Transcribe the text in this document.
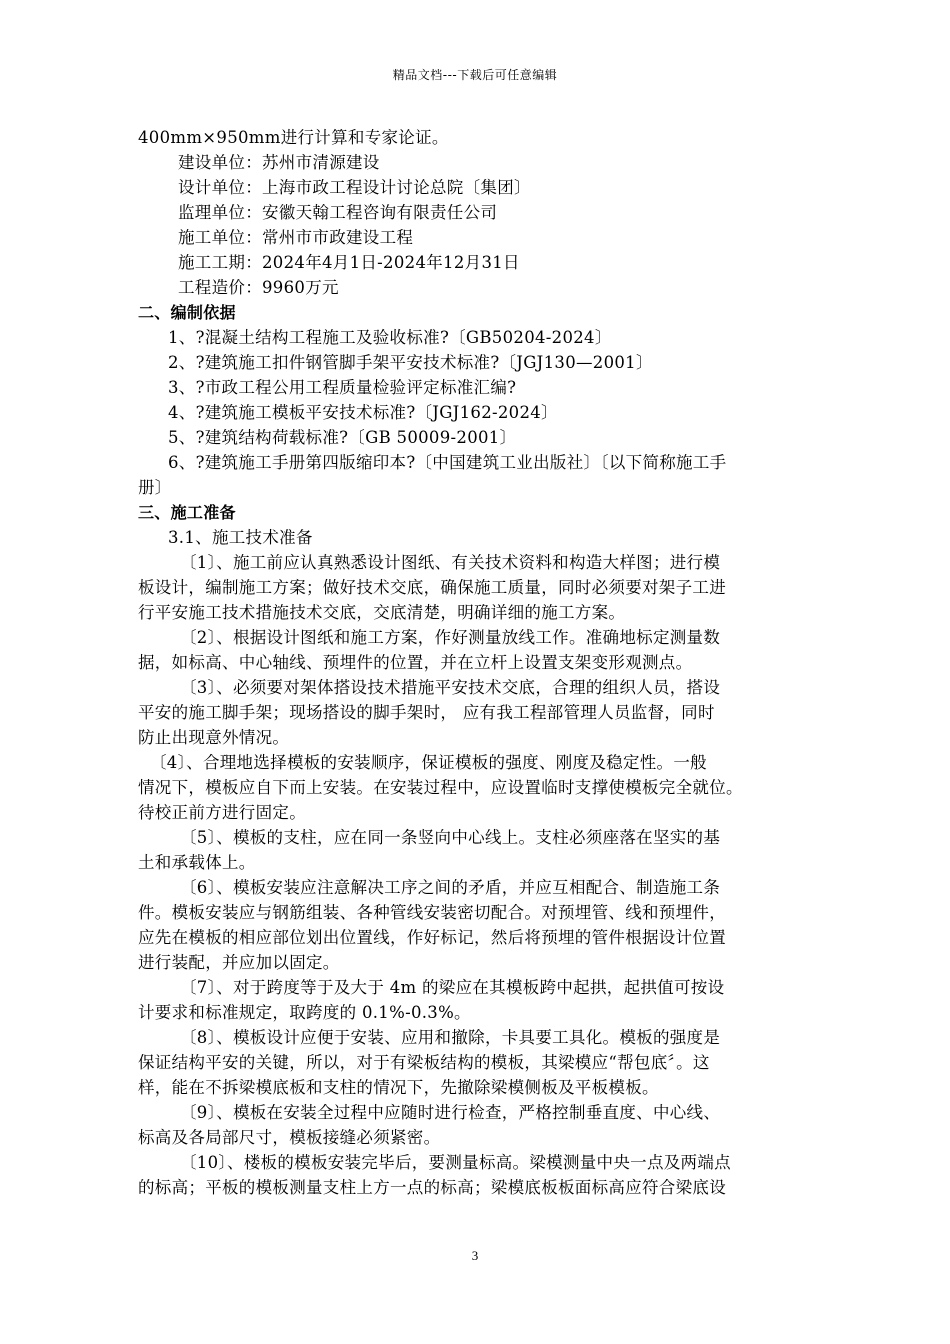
精品文档---下载后可任意编辑
400mm×950mm进行计算和专家论证。
建设单位：苏州市清源建设
设计单位：上海市政工程设计讨论总院〔集团〕
监理单位：安徽天翰工程咨询有限责任公司
施工单位：常州市市政建设工程
施工工期：2024年4月1日-2024年12月31日
工程造价：9960万元
二、编制依据
1、?混凝土结构工程施工及验收标准?〔GB50204-2024〕
2、?建筑施工扣件钢管脚手架平安技术标准?〔JGJ130—2001〕
3、?市政工程公用工程质量检验评定标准汇编?
4、?建筑施工模板平安技术标准?〔JGJ162-2024〕
5、?建筑结构荷载标准?〔GB 50009-2001〕
6、?建筑施工手册第四版缩印本?〔中国建筑工业出版社〕〔以下简称施工手
册〕
三、施工准备
3.1、施工技术准备
〔1〕、施工前应认真熟悉设计图纸、有关技术资料和构造大样图；进行模
板设计，编制施工方案；做好技术交底，确保施工质量，同时必须要对架子工进
行平安施工技术措施技术交底，交底清楚，明确详细的施工方案。
〔2〕、根据设计图纸和施工方案，作好测量放线工作。准确地标定测量数
据，如标高、中心轴线、预埋件的位置，并在立杆上设置支架变形观测点。
〔3〕、必须要对架体搭设技术措施平安技术交底，合理的组织人员，搭设
平安的施工脚手架；现场搭设的脚手架时， 应有我工程部管理人员监督，同时
防止出现意外情况。
〔4〕、合理地选择模板的安装顺序，保证模板的强度、刚度及稳定性。一般
情况下，模板应自下而上安装。在安装过程中，应设置临时支撑使模板完全就位。
待校正前方进行固定。
〔5〕、模板的支柱，应在同一条竖向中心线上。支柱必须座落在坚实的基
土和承载体上。
〔6〕、模板安装应注意解决工序之间的矛盾，并应互相配合、制造施工条
件。模板安装应与钢筋组装、各种管线安装密切配合。对预埋管、线和预埋件，
应先在模板的相应部位划出位置线，作好标记，然后将预埋的管件根据设计位置
进行装配，并应加以固定。
〔7〕、对于跨度等于及大于 4m 的梁应在其模板跨中起拱，起拱值可按设
计要求和标准规定，取跨度的 0.1%-0.3%。
〔8〕、模板设计应便于安装、应用和撤除，卡具要工具化。模板的强度是
保证结构平安的关键，所以，对于有梁板结构的模板，其梁模应“帮包底〞。这
样，能在不拆梁模底板和支柱的情况下，先撤除梁模侧板及平板模板。
〔9〕、模板在安装全过程中应随时进行检查，严格控制垂直度、中心线、
标高及各局部尺寸，模板接缝必须紧密。
〔10〕、楼板的模板安装完毕后，要测量标高。梁模测量中央一点及两端点
的标高；平板的模板测量支柱上方一点的标高；梁模底板板面标高应符合梁底设
3
